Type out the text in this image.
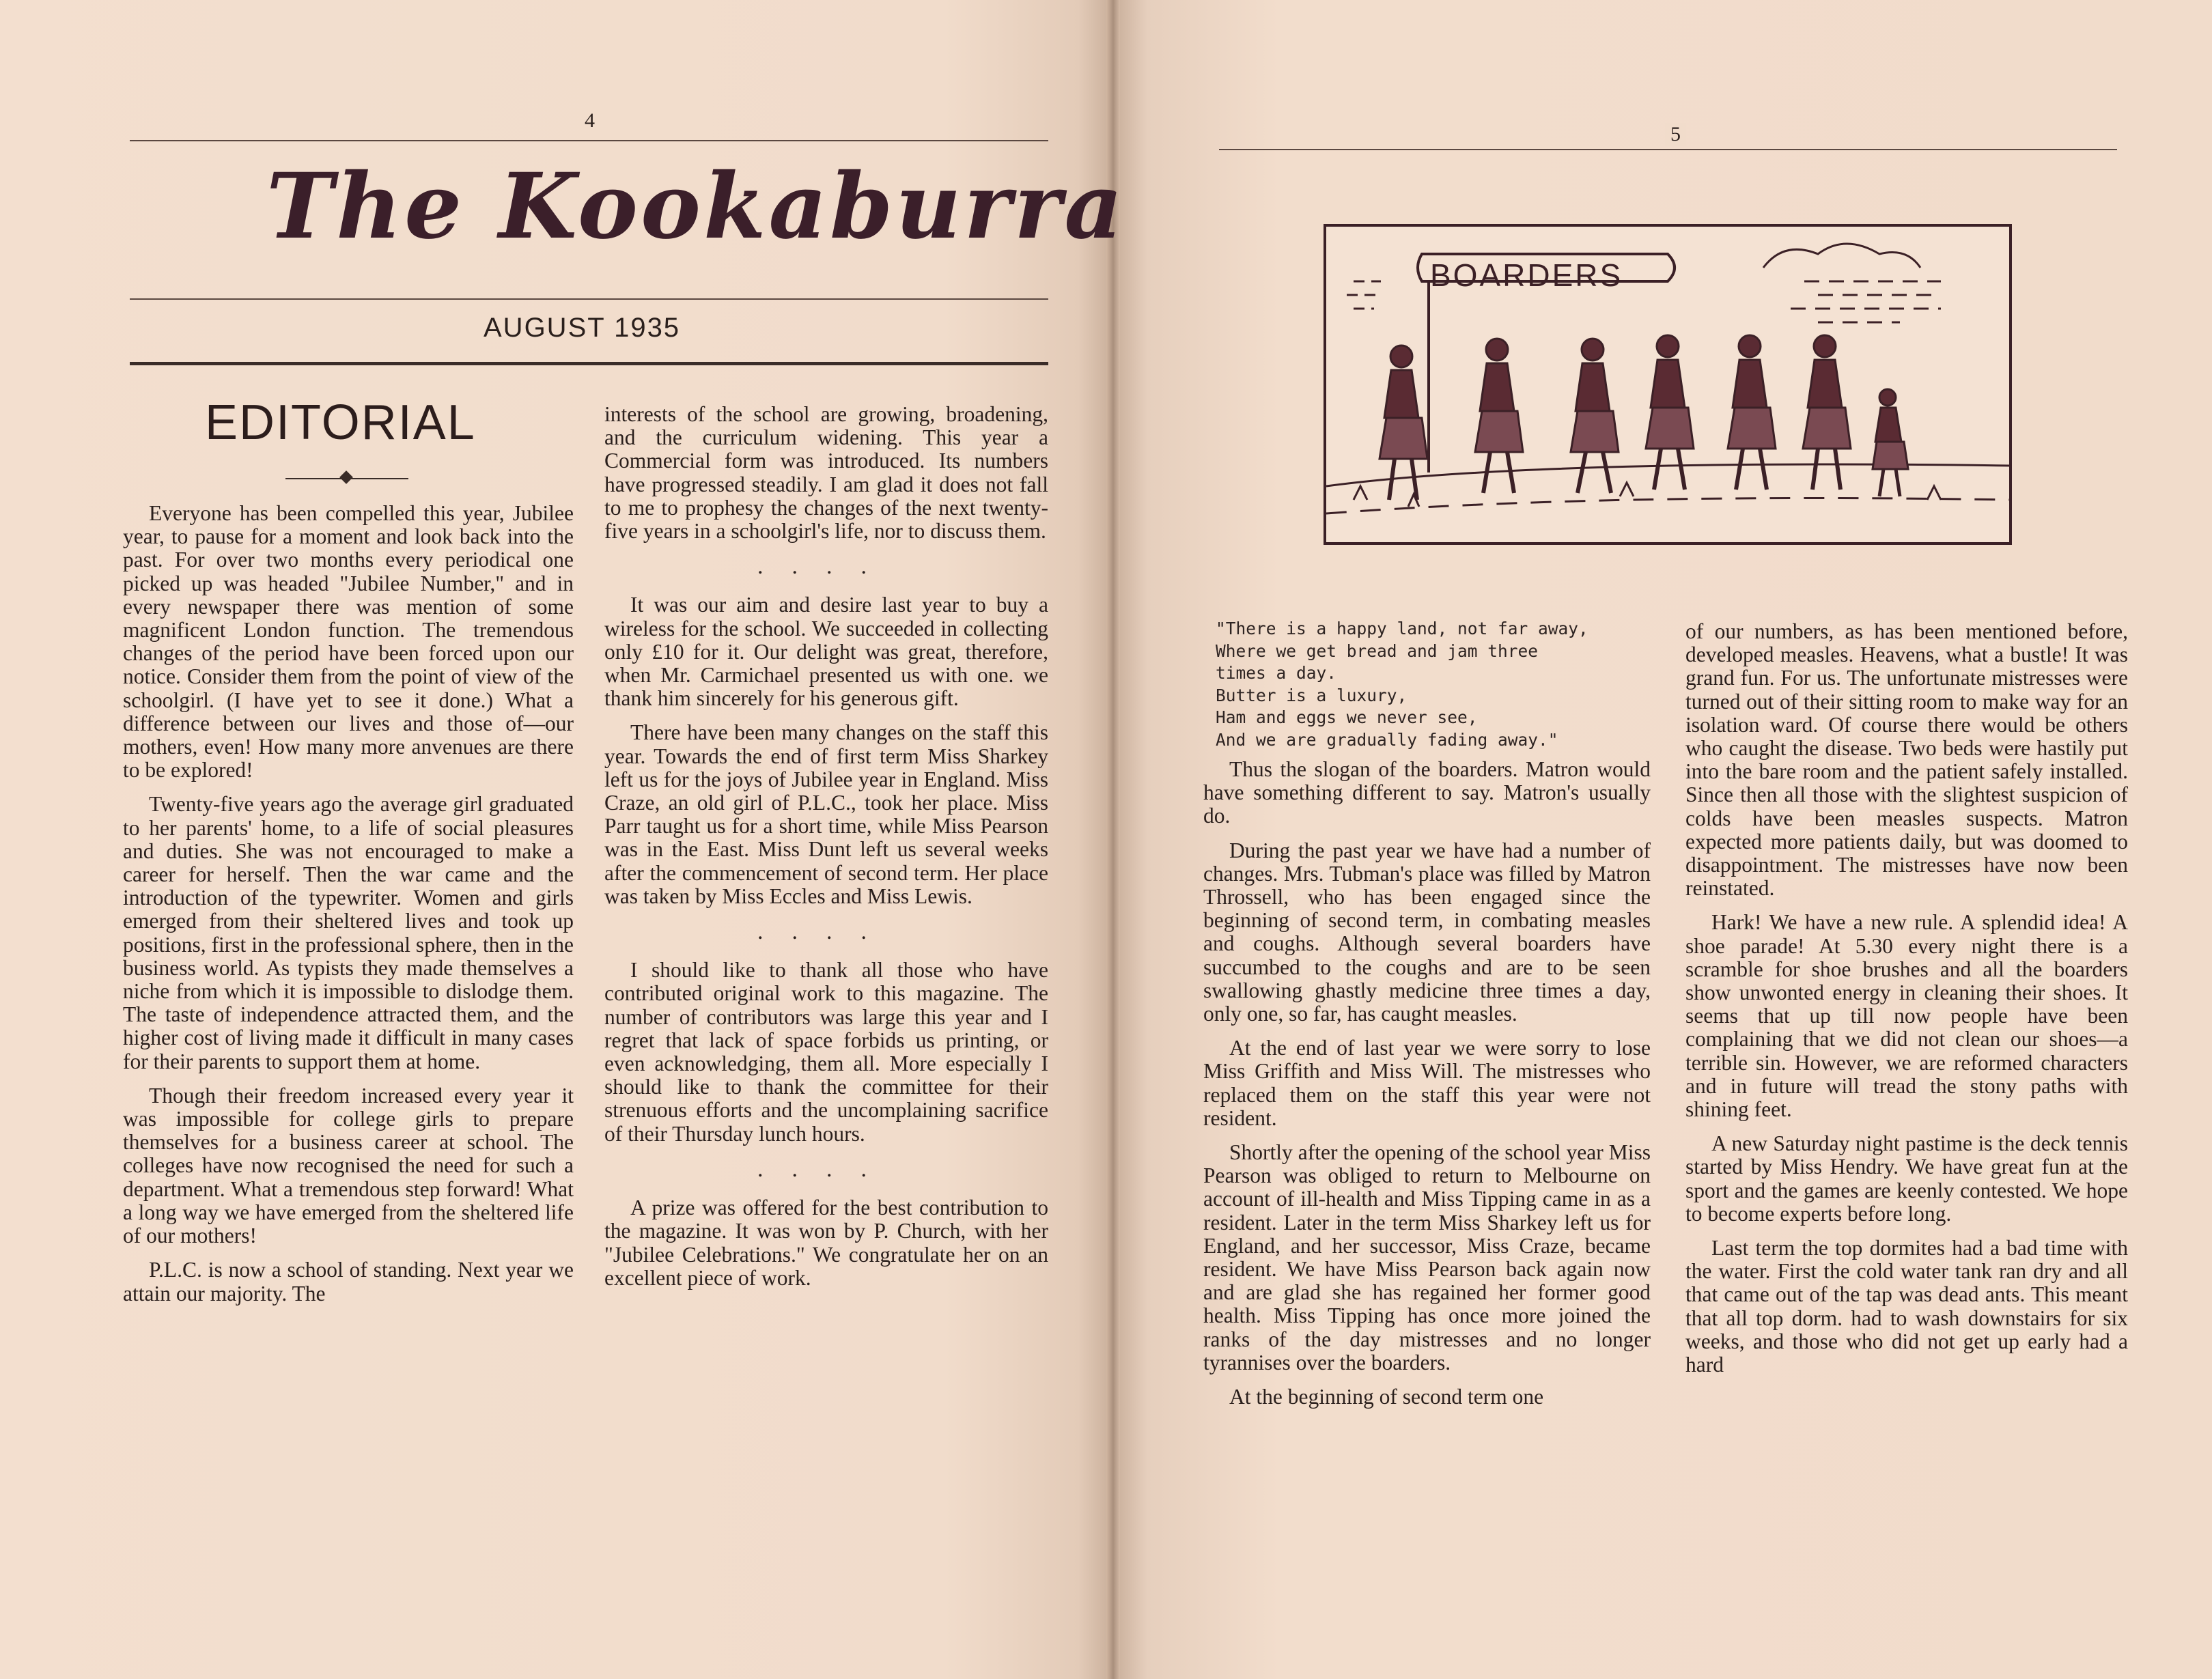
4
The Kookaburra
AUGUST 1935
EDITORIAL

Everyone has been compelled this year, Jubilee year, to pause for a moment and look back into the past. For over two months every periodical one picked up was headed "Jubilee Number," and in every newspaper there was mention of some magnificent London function. The tremendous changes of the period have been forced upon our notice. Consider them from the point of view of the schoolgirl. (I have yet to see it done.) What a difference between our lives and those of—our mothers, even! How many more anvenues are there to be explored!

Twenty-five years ago the average girl graduated to her parents' home, to a life of social pleasures and duties. She was not encouraged to make a career for herself. Then the war came and the introduction of the typewriter. Women and girls emerged from their sheltered lives and took up positions, first in the professional sphere, then in the business world. As typists they made themselves a niche from which it is impossible to dislodge them. The taste of independence attracted them, and the higher cost of living made it difficult in many cases for their parents to support them at home.

Though their freedom increased every year it was impossible for college girls to prepare themselves for a business career at school. The colleges have now recognised the need for such a department. What a tremendous step forward! What a long way we have emerged from the sheltered life of our mothers!

P.L.C. is now a school of standing. Next year we attain our majority. The

interests of the school are growing, broadening, and the curriculum widening. This year a Commercial form was introduced. Its numbers have progressed steadily. I am glad it does not fall to me to prophesy the changes of the next twenty-five years in a schoolgirl's life, nor to discuss them.

....

It was our aim and desire last year to buy a wireless for the school. We succeeded in collecting only £10 for it. Our delight was great, therefore, when Mr. Carmichael presented us with one. we thank him sincerely for his generous gift.

There have been many changes on the staff this year. Towards the end of first term Miss Sharkey left us for the joys of Jubilee year in England. Miss Craze, an old girl of P.L.C., took her place. Miss Parr taught us for a short time, while Miss Pearson was in the East. Miss Dunt left us several weeks after the commencement of second term. Her place was taken by Miss Eccles and Miss Lewis.

....

I should like to thank all those who have contributed original work to this magazine. The number of contributors was large this year and I regret that lack of space forbids us printing, or even acknowledging, them all. More especially I should like to thank the committee for their strenuous efforts and the uncomplaining sacrifice of their Thursday lunch hours.

....

A prize was offered for the best contribution to the magazine. It was won by P. Church, with her "Jubilee Celebrations." We congratulate her on an excellent piece of work.

5
BOARDERS
"There is a happy land, not far away,
Where we get bread and jam three
times a day.
Butter is a luxury,
Ham and eggs we never see,
And we are gradually fading away."

Thus the slogan of the boarders. Matron would have something different to say. Matron's usually do.

During the past year we have had a number of changes. Mrs. Tubman's place was filled by Matron Throssell, who has been engaged since the beginning of second term, in combating measles and coughs. Although several boarders have succumbed to the coughs and are to be seen swallowing ghastly medicine three times a day, only one, so far, has caught measles.

At the end of last year we were sorry to lose Miss Griffith and Miss Will. The mistresses who replaced them on the staff this year were not resident.

Shortly after the opening of the school year Miss Pearson was obliged to return to Melbourne on account of ill-health and Miss Tipping came in as a resident. Later in the term Miss Sharkey left us for England, and her successor, Miss Craze, became resident. We have Miss Pearson back again now and are glad she has regained her former good health. Miss Tipping has once more joined the ranks of the day mistresses and no longer tyrannises over the boarders.

At the beginning of second term one

of our numbers, as has been mentioned before, developed measles. Heavens, what a bustle! It was grand fun. For us. The unfortunate mistresses were turned out of their sitting room to make way for an isolation ward. Of course there would be others who caught the disease. Two beds were hastily put into the bare room and the patient safely installed. Since then all those with the slightest suspicion of colds have been measles suspects. Matron expected more patients daily, but was doomed to disappointment. The mistresses have now been reinstated.

Hark! We have a new rule. A splendid idea! A shoe parade! At 5.30 every night there is a scramble for shoe brushes and all the boarders show unwonted energy in cleaning their shoes. It seems that up till now people have been complaining that we did not clean our shoes—a terrible sin. However, we are reformed characters and in future will tread the stony paths with shining feet.

A new Saturday night pastime is the deck tennis started by Miss Hendry. We have great fun at the sport and the games are keenly contested. We hope to become experts before long.

Last term the top dormites had a bad time with the water. First the cold water tank ran dry and all that came out of the tap was dead ants. This meant that all top dorm. had to wash downstairs for six weeks, and those who did not get up early had a hard
